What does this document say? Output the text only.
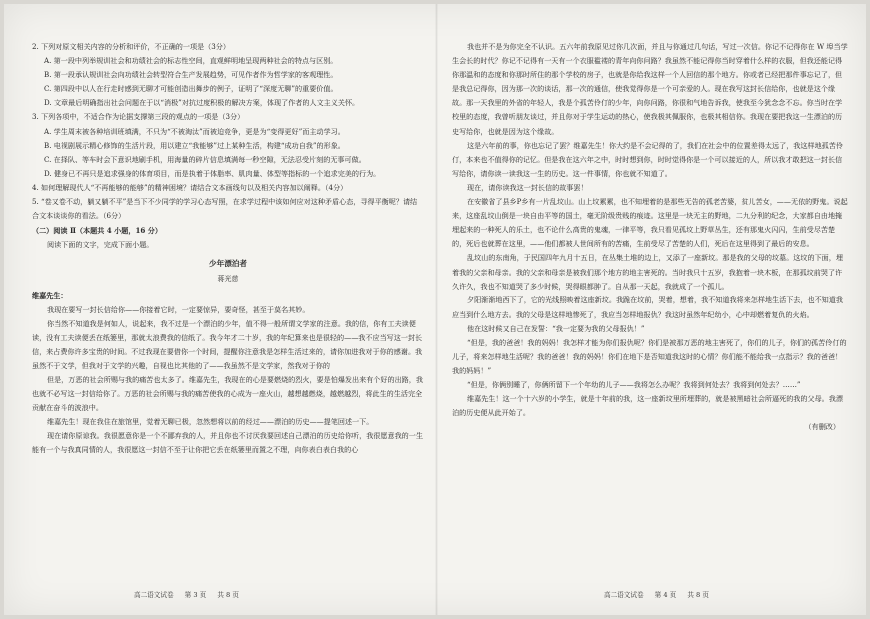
2. 下列对原文相关内容的分析和评价，不正确的一项是（3分）

A. 第一段中列举规训社会和功绩社会的标志性空间，直观鲜明地呈现两种社会的特点与区别。

B. 第一段承认规训社会向功绩社会转型符合生产发展趋势，可见作者作为哲学家的客观理性。

C. 第四段中以人在行走时感到无聊才可能创造出舞步的例子，证明了“深度无聊”的重要价值。

D. 文章最后明确指出社会问题在于以“消极”对抗过度积极的解决方案，体现了作者的人文主义关怀。

3. 下列各项中，不适合作为论据支撑第三段的观点的一项是（3分）

A. 学生周末被各种培训班填满，不只为“不被淘汰”而被迫竞争，更是为“变得更好”而主动学习。

B. 电视剧展示精心修饰的生活片段，用以建立“我能够”过上某种生活，构建“成功自我”的形象。

C. 在择队、等车时会下意识地刷手机，用海量的碎片信息填满每一秒空隙，无法忍受片刻的无事可做。

D. 健身已不再只是追求强身的体育项目，而是执着于体脂率、肌肉量、体型等指标的一个追求完美的行为。

4. 如何理解现代人“不再能够的能够”的精神困境？请结合文本画线句以及相关内容加以阐释。（4分）

5. “卷又卷不动，躺又躺不平”是当下不少同学的学习心态写照，在求学过程中该如何应对这种矛盾心态，寻得平衡呢？请结合文本谈谈你的看法。（6分）

（二）阅读 Ⅱ（本题共 4 小题，16 分）

阅读下面的文字，完成下面小题。

少年漂泊者

蒋光慈

维嘉先生：

我现在要写一封长信给你——你接着它时，一定要惊异，要奇怪，甚至于莫名其妙。

你当然不知道我是何如人，说起来，我不过是一个漂泊的少年，值不得一般所谓文学家的注意。我的信，你有工夫读便读，没有工夫读便丢在纸篓里，那就太浪费我的信纸了。我今年才二十岁，我的年纪算来也是很轻的——我不应当写这一封长信，来占费你许多宝贵的时间。不过我现在要借你一个时间，提醒你注意我是怎样生活过来的，请你加进我对于你的感谢。我虽然不于文学，但我对于文学的兴趣，自视也比其他的了——我虽然不是文学家，然我对于你的

但是，万恶的社会所赐与我的痛苦也太多了。维嘉先生，我现在的心是要燃烧的烈火，要是怕爆发出来有个好的出路，我也就不必写这一封信给你了。万恶的社会所赐与我的痛苦使我的心成为一座火山，越想越燃烧，越燃越烈，将此生的生活完全贡献在奋斗的波浪中。

维嘉先生！现在我住在旅馆里，觉着无聊已极，忽然想将以前的经过——漂泊的历史——提笔回述一下。

现在请你原谅我。我很愿意你是一个不鄙弃我的人，并且你也不讨厌我要回述自己漂泊的历史给你听，我很愿意我的一生能有一个与我真同情的人，我很愿这一封信不至于让你把它丢在纸篓里而置之不理，向你表白表白我的心

我也并不是为你完全不认识。五六年前我原见过你几次面，并且与你通过几句话，写过一次信。你记不记得你在 W 埠当学生会长的时代？你记不记得有一天有一个衣服褴褛的青年向你问路？我虽然不能记得你当时穿着什么样的衣服，但我还能记得你那温和的态度和你那时所住的那个学校的房子，也就是你给我这样一个人回信的那个地方。你或者已经把那件事忘记了，但是我总记得你，因为那一次的谈话，那一次的通信，使我觉得你是一个可亲爱的人。现在我写这封长信给你，也就是这个缘故。那一天我里的外省的年轻人，我是个孤苦伶仃的少年，向你问路，你很和气地告诉我，使我至今犹念念不忘。你当时在学校里的态度，我曾听朋友谈过，并且你对于学生运动的热心，使我极其佩服你，也极其相信你。我现在要把我这一生漂泊的历史写给你，也就是因为这个缘故。

这是六年前的事，你也忘记了罢？维嘉先生！你大约是不会记得的了，我们在社会中的位置差得太远了，我这样地孤苦伶仃，本来也不值得你的记忆。但是我在这六年之中，时时想到你，时时觉得你是一个可以接近的人，所以我才敢把这一封长信写给你，请你读一读我这一生的历史。这一件事情，你也就不知道了。

现在，请你读我这一封长信的故事罢！

在安徽省了县乡P乡有一片乱坟山。山上坟累累，也不知埋着的是那些无告的孤老苦婆，贫儿苦女，——无依的野鬼。说起来，这座乱坟山倒是一块自由平等的国土，毫无阶级贵贱的痕迹。这里是一块无主的野地，二九分利的纪念，大家都自由地掩埋起来的一种死人的乐土，也不论什么高贵的鬼魂，一律平等，我只看见孤坟上野草丛生，还有那鬼火闪闪，生前受尽苦楚的，死后也就葬在这里，——他们都被人世间所有的苦痛，生前受尽了苦楚的人们，死后在这里得到了最后的安息。

乱坟山的东南角，于民国四年九月十五日，在丛集土堆的边上，又添了一座新坟。那是我的父母的坟墓。这坟的下面，埋着我的父亲和母亲。我的父亲和母亲是被我们那个地方的地主害死的。当时我只十五岁，我抱着一块木板，在那孤坟前哭了许久许久，我也不知道哭了多少时候，哭得眼都肿了。自从那一天起，我就成了一个孤儿。

夕阳渐渐地西下了，它的光线照映着这座新坟。我跪在坟前，哭着，想着，我不知道我将来怎样地生活下去，也不知道我应当到什么地方去。我的父母是这样地惨死了，我应当怎样地报仇？我这时虽然年纪幼小，心中却燃着复仇的火焰。

他在这时候又自己在发誓：“我一定要为我的父母报仇！”

“但是，我的爸爸！我的妈妈！我怎样才能为你们报仇呢？你们是被那万恶的地主害死了，你们的儿子，你们的孤苦伶仃的儿子，将来怎样地生活呢？我的爸爸！我的妈妈！你们在地下是否知道我这时的心情？你们能不能给我一点指示？我的爸爸！我的妈妈！”

“但是，你俩别睡了，你俩所留下一个年幼的儿子——我将怎么办呢？我将到何处去？我将到何处去？……”

维嘉先生！这一个十六岁的小学生，就是十年前的我，这一座新坟里所埋葬的，就是被黑暗社会所逼死的我的父母。我漂泊的历史便从此开始了。

（有删改）

高二语文试卷 第 3 页 共 8 页	高二语文试卷 第 4 页 共 8 页
